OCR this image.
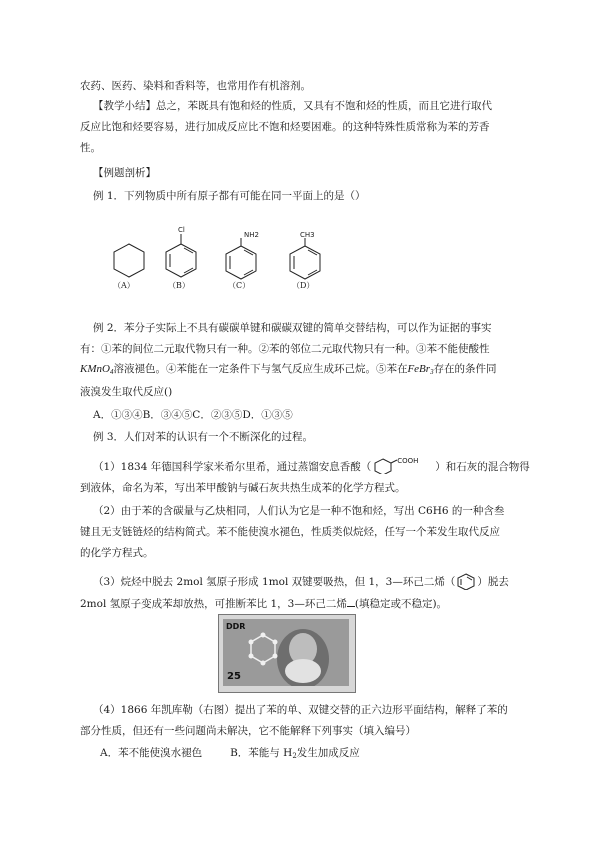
农药、医药、染料和香料等，也常用作有机溶剂。
【教学小结】总之，苯既具有饱和烃的性质，又具有不饱和烃的性质，而且它进行取代
反应比饱和烃要容易，进行加成反应比不饱和烃要困难。的这种特殊性质常称为苯的芳香
性。
【例题剖析】
例 1．下列物质中所有原子都有可能在同一平面上的是（）
Cl
NH2	CH3
（A）	（B）	（C）	（D）
例 2．苯分子实际上不具有碳碳单键和碳碳双键的简单交替结构，可以作为证据的事实
有：①苯的间位二元取代物只有一种。②苯的邻位二元取代物只有一种。③苯不能使酸性
KMnO$_4$溶液褪色。④苯能在一定条件下与氢气反应生成环己烷。⑤苯在FeBr$_3$存在的条件同
液溴发生取代反应()
A．①③④B．③④⑤C．②③⑤D．①③⑤
例 3．人们对苯的认识有一个不断深化的过程。
（1）1834 年德国科学家米希尔里希，通过蒸馏安息香酸（	COOH ）和石灰的混合物得
到液体，命名为苯，写出苯甲酸钠与碱石灰共热生成苯的化学方程式。
（2）由于苯的含碳量与乙炔相同，人们认为它是一种不饱和烃，写出 C6H6 的一种含叁
键且无支链链烃的结构简式。苯不能使溴水褪色，性质类似烷烃，任写一个苯发生取代反应
的化学方程式。
（3）烷烃中脱去 2mol 氢原子形成 1mol 双键要吸热，但 1，3—环己二烯（ ）脱去
2mol 氢原子变成苯却放热，可推断苯比 1，3—环己二烯 (填稳定或不稳定)。
DDR
25
（4）1866 年凯库勒（右图）提出了苯的单、双键交替的正六边形平面结构，解释了苯的
部分性质，但还有一些问题尚未解决，它不能解释下列事实（填入编号）
A．苯不能使溴水褪色	B．苯能与 $H_2$发生加成反应
